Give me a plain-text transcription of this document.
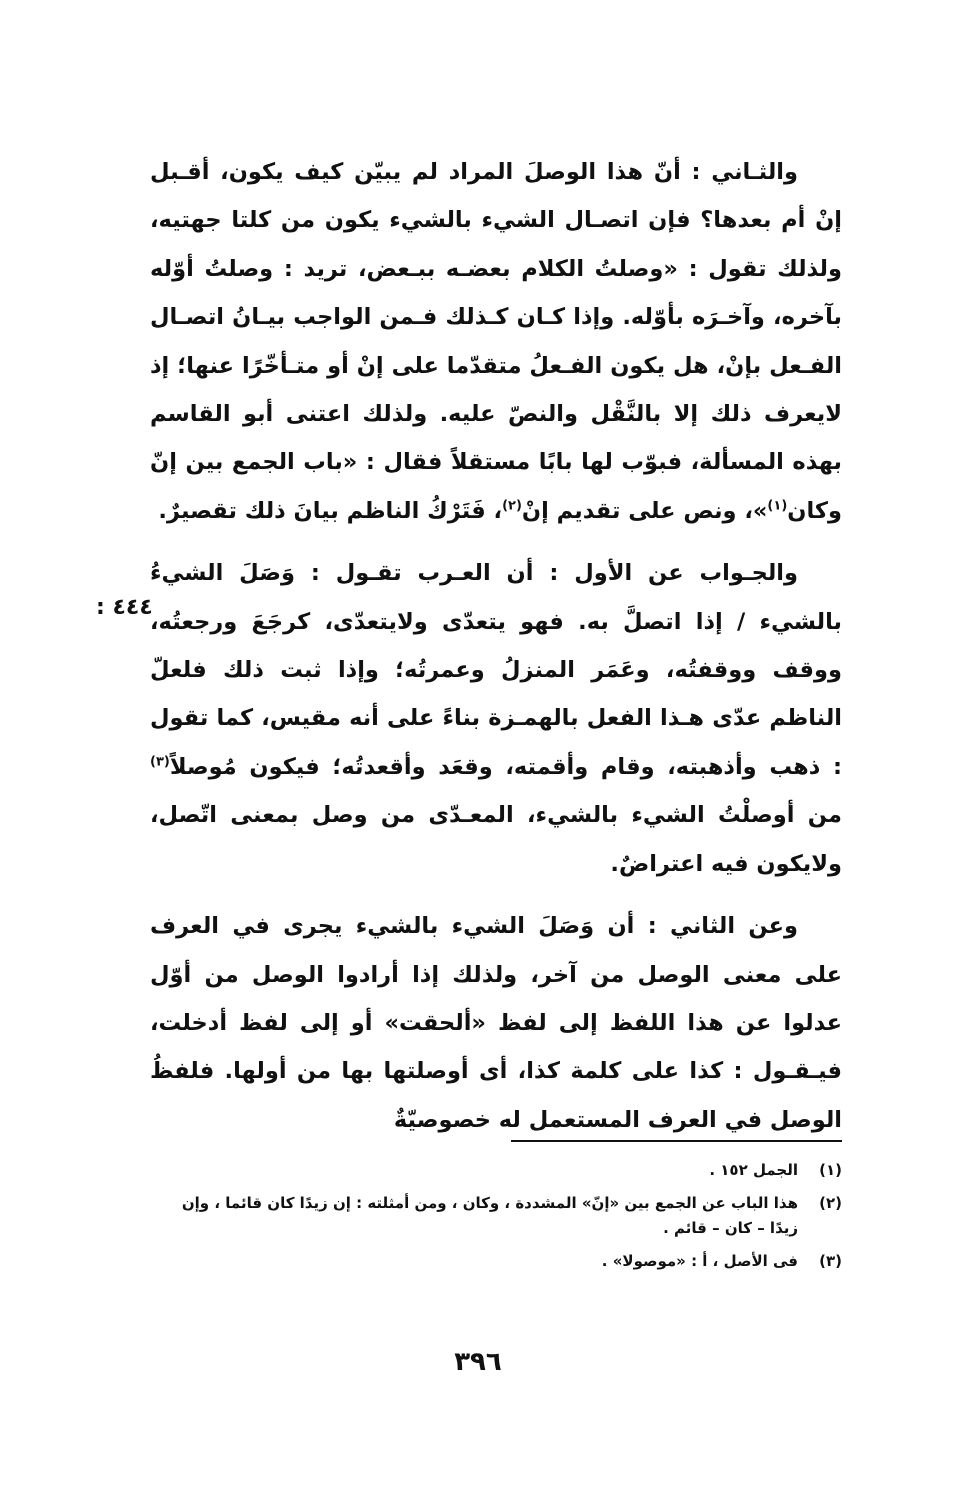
والثـاني : أنّ هذا الوصلَ المراد لم يبيّن كيف يكون، أقـبل إنْ أم بعدها؟ فإن اتصـال الشيء بالشيء يكون من كلتا جهتيه، ولذلك تقول : «وصلتُ الكلام بعضـه ببـعض، تريد : وصلتُ أوّله بآخره، وآخـرَه بأوّله. وإذا كـان كـذلك فـمن الواجب بيـانُ اتصـال الفـعل بإنْ، هل يكون الفـعلُ متقدّما على إنْ أو متـأخّرًا عنها؛ إذ لايعرف ذلك إلا بالنَّقْل والنصّ عليه. ولذلك اعتنى أبو القاسم بهذه المسألة، فبوّب لها بابًا مستقلاً فقال : «باب الجمع بين إنّ وكان$^{(١)}$»، ونص على تقديم إنْ$^{(٢)}$، فَتَرْكُ الناظم بيانَ ذلك تقصيرٌ.

والجـواب عن الأول : أن العـرب تقـول : وَصَلَ الشيءُ بالشيء / إذا اتصلَّ به. فهو يتعدّى ولايتعدّى، كرجَعَ ورجعتُه، ووقف ووقفتُه، وعَمَر المنزلُ وعمرتُه؛ وإذا ثبت ذلك فلعلّ الناظم عدّى هـذا الفعل بالهمـزة بناءً على أنه مقيس، كما تقول : ذهب وأذهبته، وقام وأقمته، وقعَد وأقعدتُه؛ فيكون مُوصلاً$^{(٣)}$ من أوصلْتُ الشيء بالشيء، المعـدّى من وصل بمعنى اتّصل، ولايكون فيه اعتراضٌ.

وعن الثاني : أن وَصَلَ الشيء بالشيء يجرى في العرف على معنى الوصل من آخر، ولذلك إذا أرادوا الوصل من أوّل عدلوا عن هذا اللفظ إلى لفظ «ألحقت» أو إلى لفظ أدخلت، فيـقـول : كذا على كلمة كذا، أى أوصلتها بها من أولها. فلفظُ الوصل في العرف المستعمل له خصوصيّةٌ

٤٤٤ :
(١)
الجمل ١٥٢ .
(٢)
هذا الباب عن الجمع بين «إنّ» المشددة ، وكان ، ومن أمثلته : إن زيدًا كان قائما ، وإن زيدًا – كان – قائم .
(٣)
فى الأصل ، أ : «موصولا» .
٣٩٦
